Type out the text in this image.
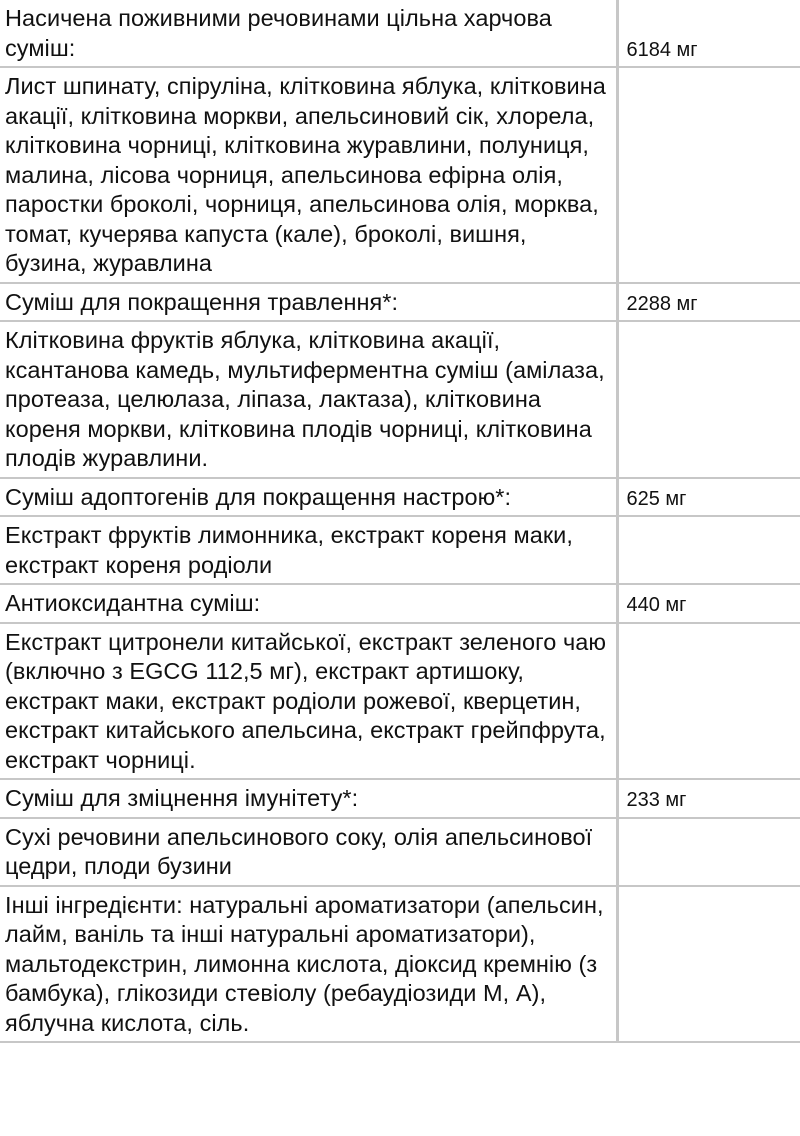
Насичена поживними речовинами цільна харчова суміш:	6184 мг
Лист шпинату, спіруліна, клітковина яблука, клітковина акації, клітковина моркви, апельсиновий сік, хлорела, клітковина чорниці, клітковина журавлини, полуниця, малина, лісова чорниця, апельсинова ефірна олія, паростки броколі, чорниця, апельсинова олія, морква, томат, кучерява капуста (кале), броколі, вишня, бузина, журавлина	
Суміш для покращення травлення*:	2288 мг
Клітковина фруктів яблука, клітковина акації, ксантанова камедь, мультиферментна суміш (амілаза, протеаза, целюлаза, ліпаза, лактаза), клітковина кореня моркви, клітковина плодів чорниці, клітковина плодів журавлини.	
Суміш адоптогенів для покращення настрою*:	625 мг
Екстракт фруктів лимонника, екстракт кореня маки, екстракт кореня родіоли	
Антиоксидантна суміш:	440 мг
Екстракт цитронели китайської, екстракт зеленого чаю (включно з EGCG 112,5 мг), екстракт артишоку, екстракт маки, екстракт родіоли рожевої, кверцетин, екстракт китайського апельсина, екстракт грейпфрута, екстракт чорниці.	
Суміш для зміцнення імунітету*:	233 мг
Сухі речовини апельсинового соку, олія апельсинової цедри, плоди бузини	
Інші інгредієнти: натуральні ароматизатори (апельсин, лайм, ваніль та інші натуральні ароматизатори), мальтодекстрин, лимонна кислота, діоксид кремнію (з бамбука), глікозиди стевіолу (ребаудіозиди М, А), яблучна кислота, сіль.	
